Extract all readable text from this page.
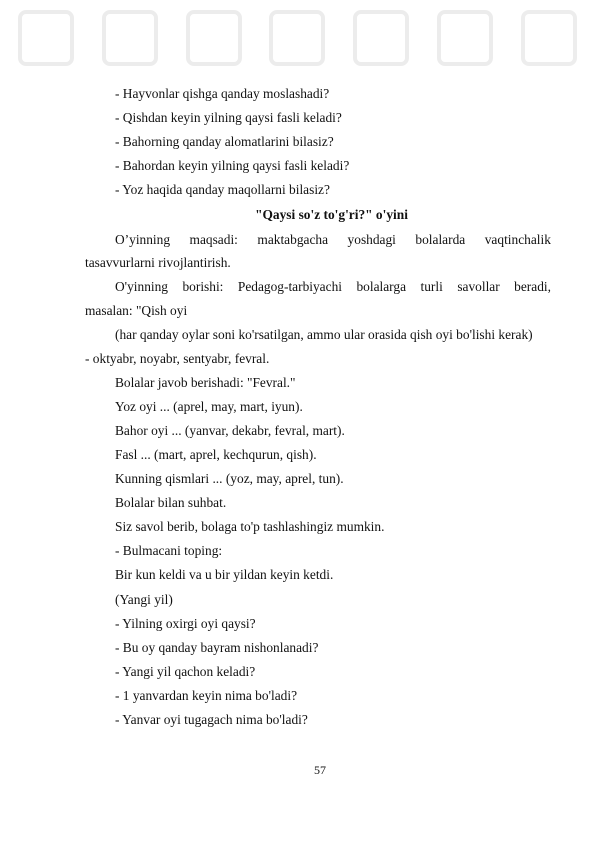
- Hayvonlar qishga qanday moslashadi?
- Qishdan keyin yilning qaysi fasli keladi?
- Bahorning qanday alomatlarini bilasiz?
- Bahordan keyin yilning qaysi fasli keladi?
- Yoz haqida qanday maqollarni bilasiz?
"Qaysi so'z to'g'ri?" o'yini
O’yinning maqsadi: maktabgacha yoshdagi bolalarda vaqtinchalik
tasavvurlarni rivojlantirish.
O'yinning borishi: Pedagog-tarbiyachi bolalarga turli savollar beradi,
masalan: "Qish oyi
(har qanday oylar soni ko'rsatilgan, ammo ular orasida qish oyi bo'lishi kerak)
- oktyabr, noyabr, sentyabr, fevral.
Bolalar javob berishadi: "Fevral."
Yoz oyi ... (aprel, may, mart, iyun).
Bahor oyi ... (yanvar, dekabr, fevral, mart).
Fasl ... (mart, aprel, kechqurun, qish).
Kunning qismlari ... (yoz, may, aprel, tun).
Bolalar bilan suhbat.
Siz savol berib, bolaga to'p tashlashingiz mumkin.
- Bulmacani toping:
Bir kun keldi va u bir yildan keyin ketdi.
(Yangi yil)
- Yilning oxirgi oyi qaysi?
- Bu oy qanday bayram nishonlanadi?
- Yangi yil qachon keladi?
- 1 yanvardan keyin nima bo'ladi?
- Yanvar oyi tugagach nima bo'ladi?
57
